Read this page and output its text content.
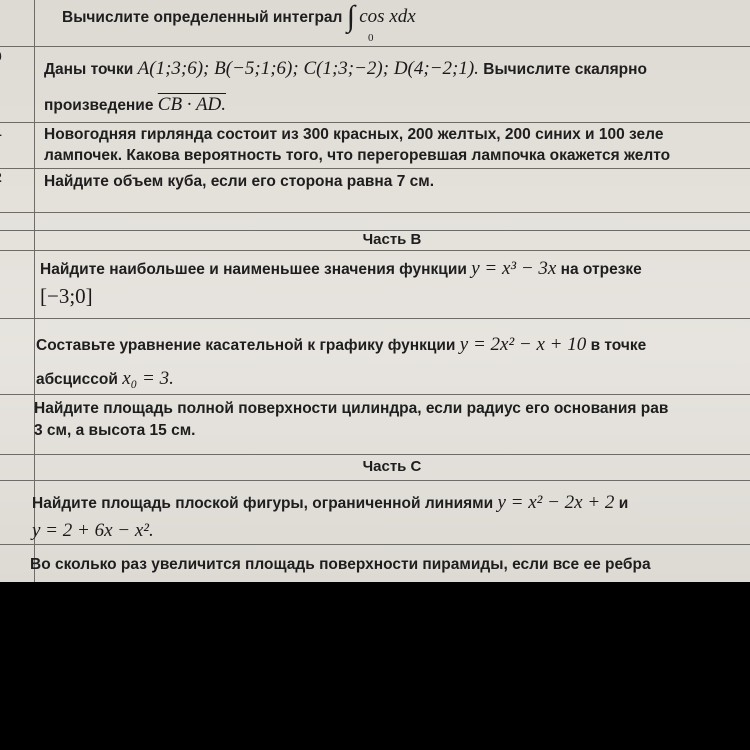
Вычислите определенный интеграл ∫ cos xdx
0
Даны точки A(1;3;6); B(−5;1;6); C(1;3;−2); D(4;−2;1). Вычислите скалярно
произведение CB · AD.
Новогодняя гирлянда состоит из 300 красных, 200 желтых, 200 синих и 100 зеле
лампочек. Какова вероятность того, что перегоревшая лампочка окажется желто
Найдите объем куба, если его сторона равна 7 см.
Часть В
Найдите наибольшее и наименьшее значения функции y = x³ − 3x на отрезке
[−3;0]
Составьте уравнение касательной к графику функции y = 2x² − x + 10 в точке
абсциссой x₀ = 3.
Найдите площадь полной поверхности цилиндра, если радиус его основания рав
3 см, а высота 15 см.
Часть С
Найдите площадь плоской фигуры, ограниченной линиями y = x² − 2x + 2 и
y = 2 + 6x − x².
Во сколько раз увеличится площадь поверхности пирамиды, если все ее ребра
